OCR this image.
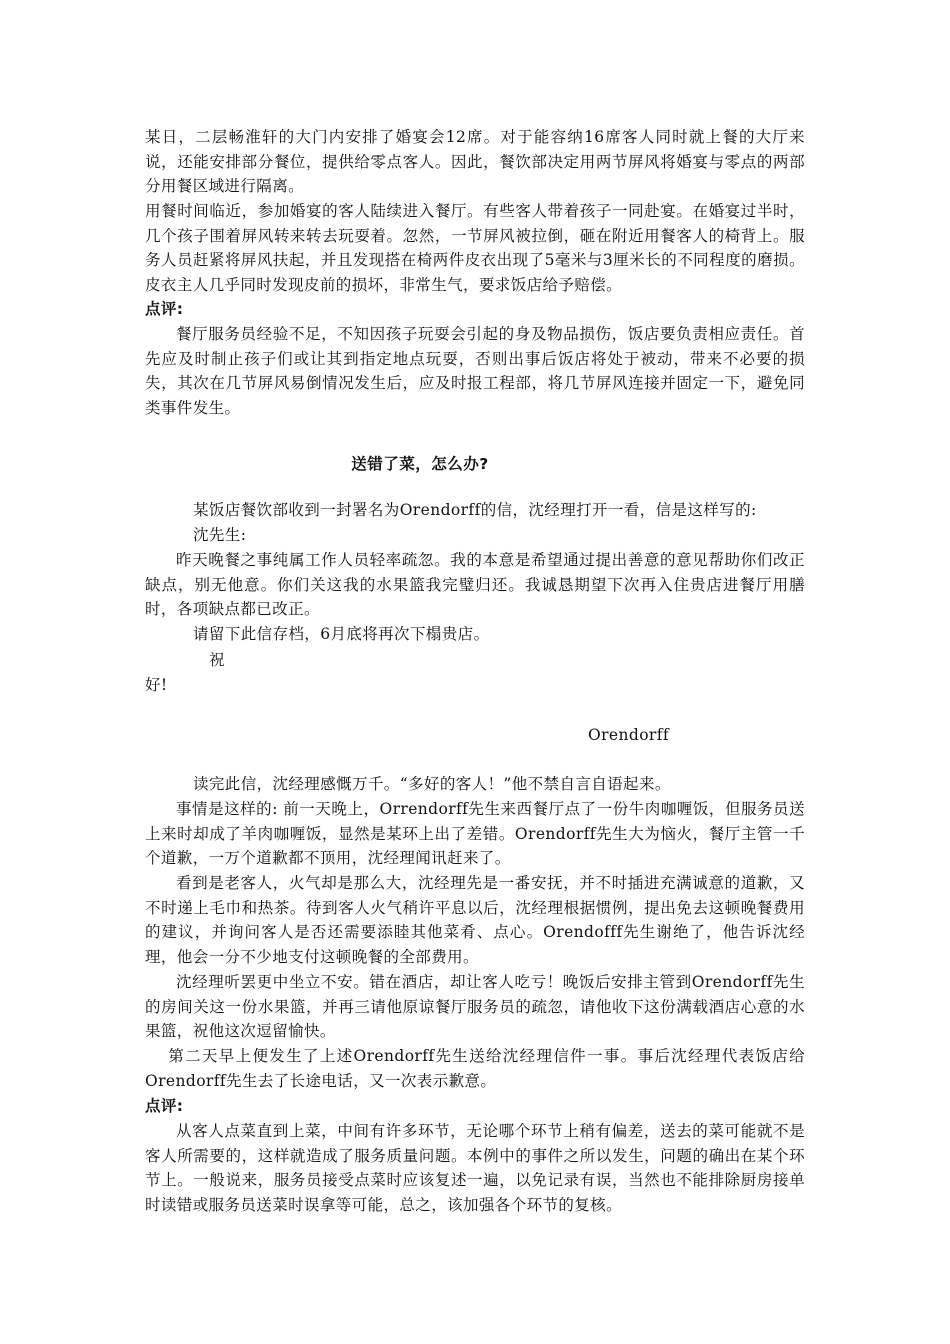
某日，二层畅淮轩的大门内安排了婚宴会12席。对于能容纳16席客人同时就上餐的大厅来说，还能安排部分餐位，提供给零点客人。因此，餐饮部决定用两节屏风将婚宴与零点的两部分用餐区域进行隔离。

用餐时间临近，参加婚宴的客人陆续进入餐厅。有些客人带着孩子一同赴宴。在婚宴过半时，几个孩子围着屏风转来转去玩耍着。忽然，一节屏风被拉倒，砸在附近用餐客人的椅背上。服务人员赶紧将屏风扶起，并且发现搭在椅两件皮衣出现了5毫米与3厘米长的不同程度的磨损。皮衣主人几乎同时发现皮前的损坏，非常生气，要求饭店给予赔偿。

点评:

餐厅服务员经验不足，不知因孩子玩耍会引起的身及物品损伤，饭店要负责相应责任。首先应及时制止孩子们或让其到指定地点玩耍，否则出事后饭店将处于被动，带来不必要的损失，其次在几节屏风易倒情况发生后，应及时报工程部，将几节屏风连接并固定一下，避免同类事件发生。

送错了菜，怎么办?

某饭店餐饮部收到一封署名为Orendorff的信，沈经理打开一看，信是这样写的:

沈先生:

昨天晚餐之事纯属工作人员轻率疏忽。我的本意是希望通过提出善意的意见帮助你们改正缺点，别无他意。你们关这我的水果篮我完璧归还。我诚恳期望下次再入住贵店进餐厅用膳时，各项缺点都已改正。

请留下此信存档，6月底将再次下榻贵店。
祝
好!
Orendorff
读完此信，沈经理感慨万千。“多好的客人！”他不禁自言自语起来。

事情是这样的: 前一天晚上，Orrendorff先生来西餐厅点了一份牛肉咖喱饭，但服务员送上来时却成了羊肉咖喱饭，显然是某环上出了差错。Orendorff先生大为恼火，餐厅主管一千个道歉，一万个道歉都不顶用，沈经理闻讯赶来了。

看到是老客人，火气却是那么大，沈经理先是一番安抚，并不时插进充满诚意的道歉，又不时递上毛巾和热茶。待到客人火气稍许平息以后，沈经理根据惯例，提出免去这顿晚餐费用的建议，并询问客人是否还需要添睦其他菜肴、点心。Orendofff先生谢绝了，他告诉沈经理，他会一分不少地支付这顿晚餐的全部费用。

沈经理听罢更中坐立不安。错在酒店，却让客人吃亏！晚饭后安排主管到Orendorff先生的房间关这一份水果篮，并再三请他原谅餐厅服务员的疏忽，请他收下这份满载酒店心意的水果篮，祝他这次逗留愉快。

第二天早上便发生了上述Orendorff先生送给沈经理信件一事。事后沈经理代表饭店给Orendorff先生去了长途电话，又一次表示歉意。

点评:

从客人点菜直到上菜，中间有许多环节，无论哪个环节上稍有偏差，送去的菜可能就不是客人所需要的，这样就造成了服务质量问题。本例中的事件之所以发生，问题的确出在某个环节上。一般说来，服务员接受点菜时应该复述一遍，以免记录有误，当然也不能排除厨房接单时读错或服务员送菜时误拿等可能，总之，该加强各个环节的复核。
